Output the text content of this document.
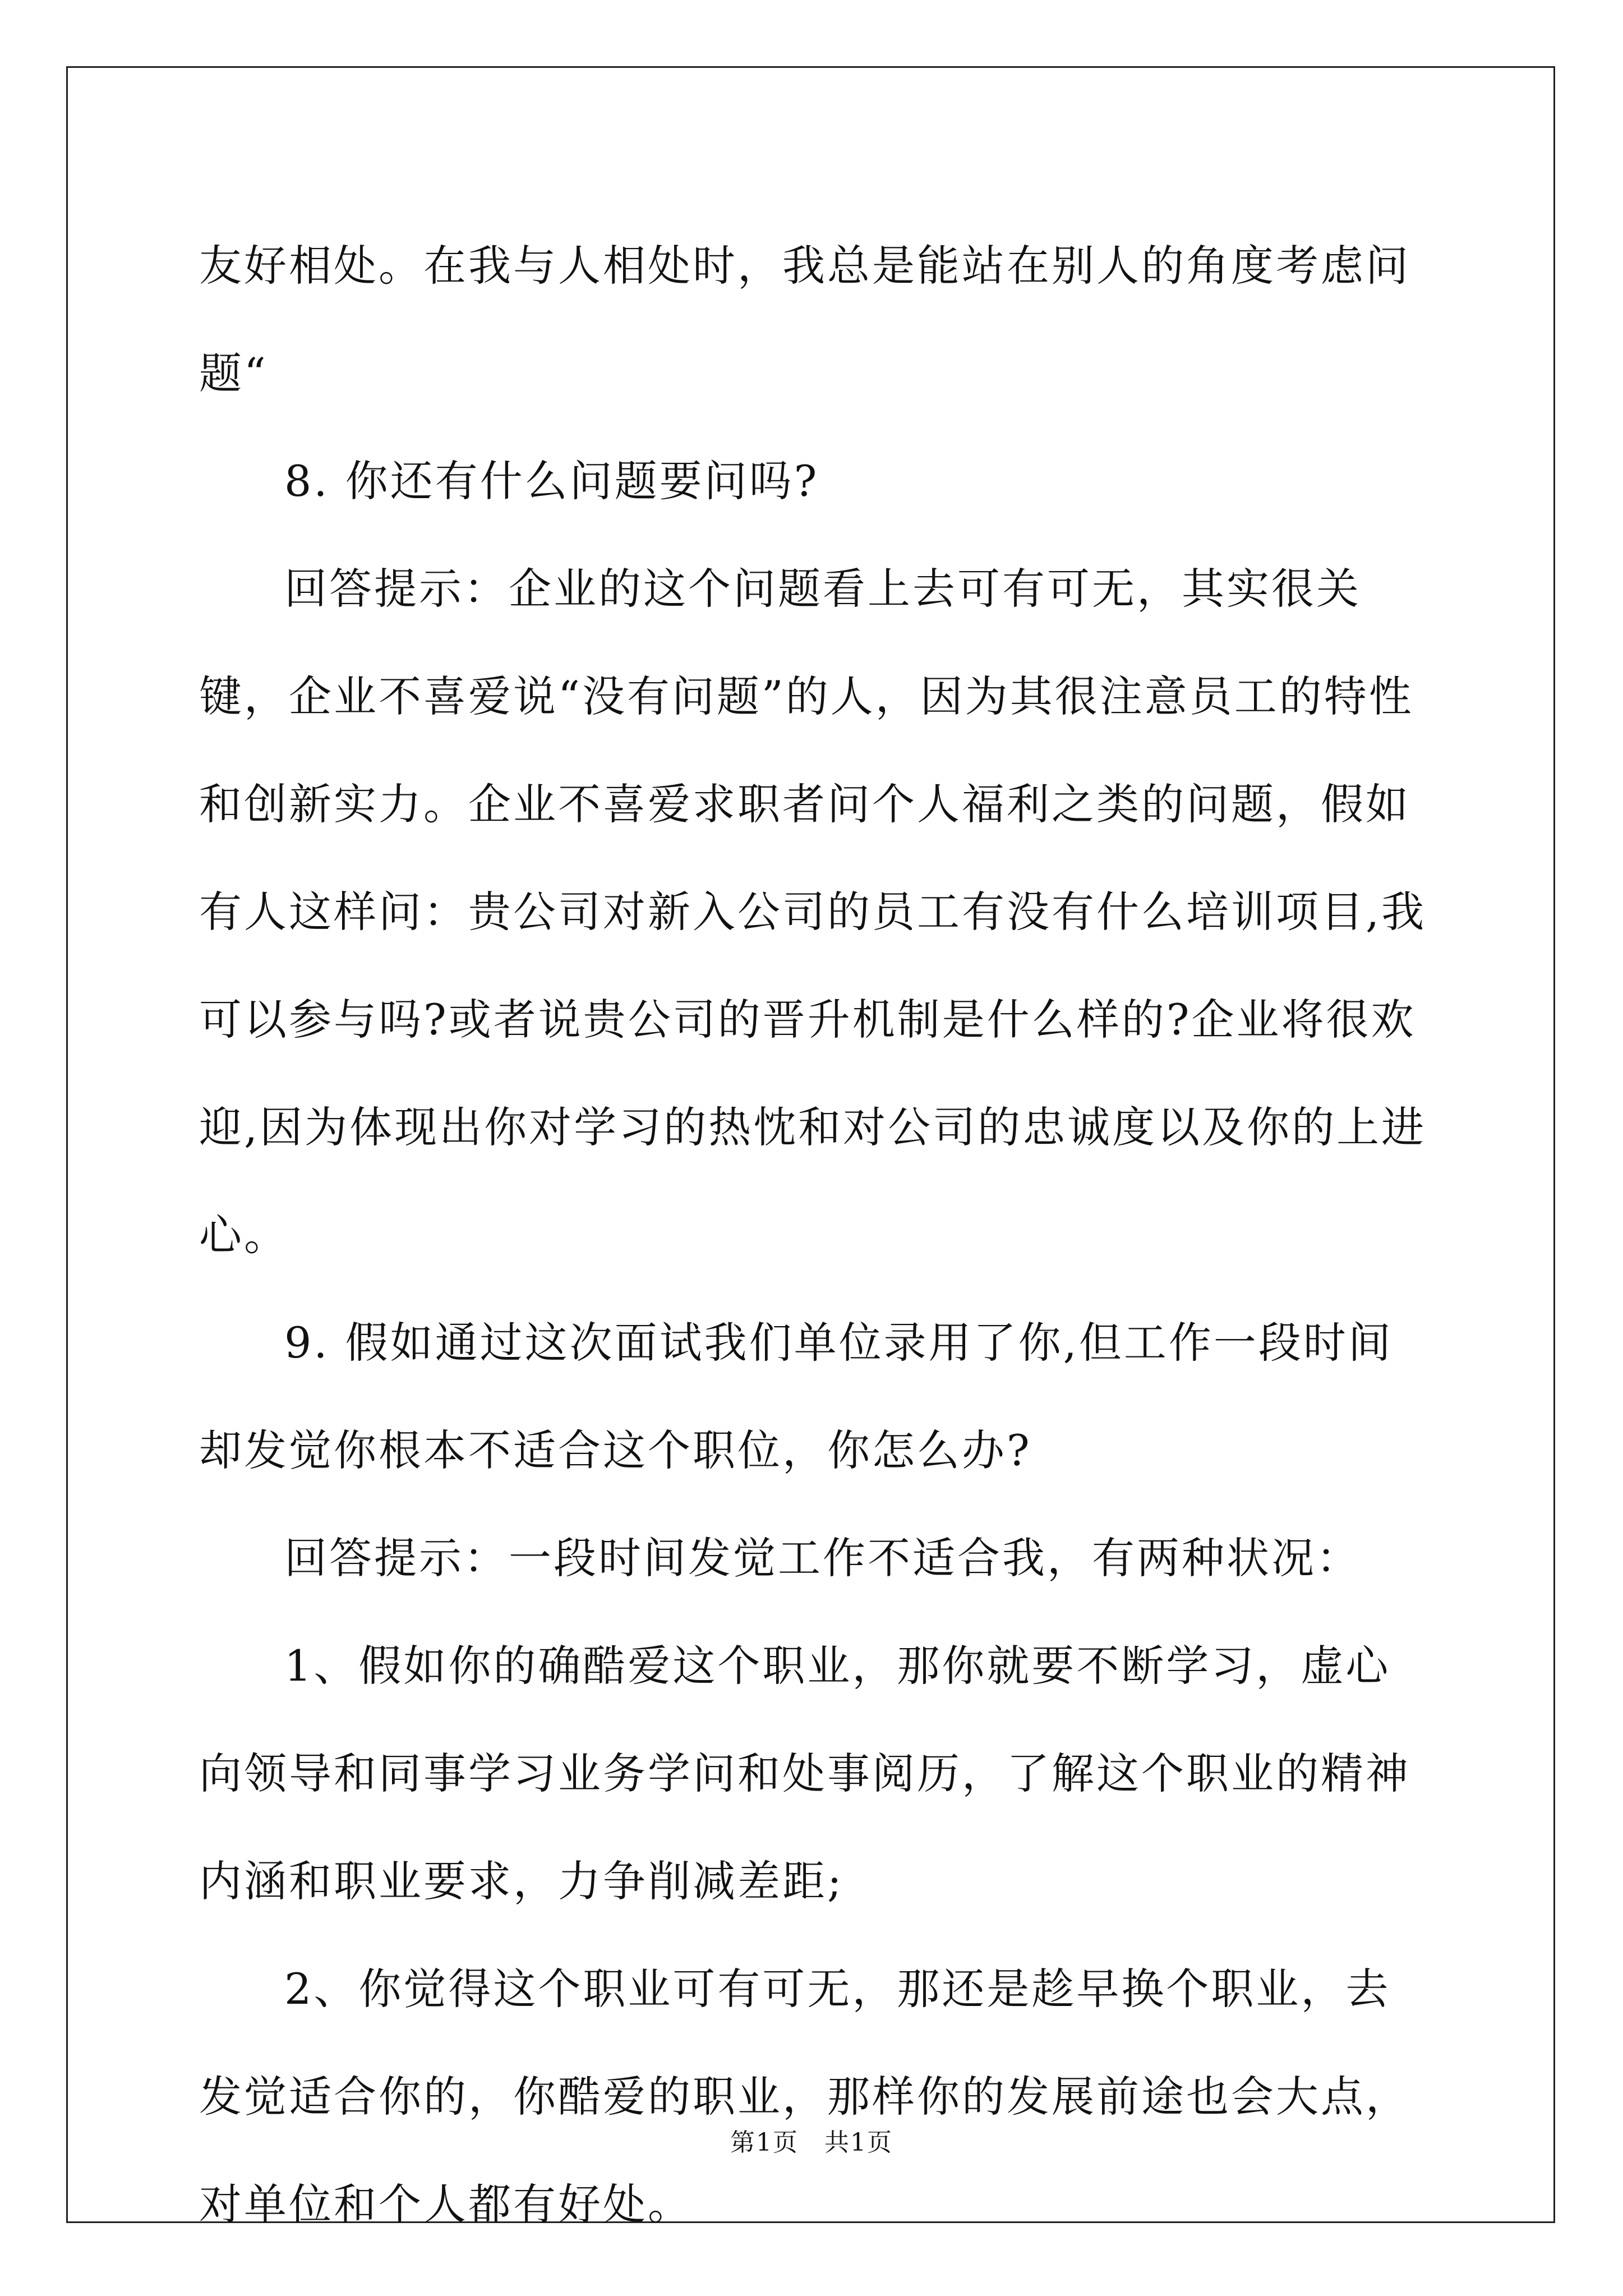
友好相处。在我与人相处时，我总是能站在别人的角度考虑问题“

8. 你还有什么问题要问吗?

回答提示：企业的这个问题看上去可有可无，其实很关键，企业不喜爱说“没有问题”的人，因为其很注意员工的特性和创新实力。企业不喜爱求职者问个人福利之类的问题，假如有人这样问：贵公司对新入公司的员工有没有什么培训项目,我可以参与吗?或者说贵公司的晋升机制是什么样的?企业将很欢迎,因为体现出你对学习的热忱和对公司的忠诚度以及你的上进心。

9. 假如通过这次面试我们单位录用了你,但工作一段时间却发觉你根本不适合这个职位，你怎么办?

回答提示：一段时间发觉工作不适合我，有两种状况：

1、假如你的确酷爱这个职业，那你就要不断学习，虚心向领导和同事学习业务学问和处事阅历，了解这个职业的精神内涵和职业要求，力争削减差距;

2、你觉得这个职业可有可无，那还是趁早换个职业，去发觉适合你的，你酷爱的职业，那样你的发展前途也会大点，对单位和个人都有好处。

第1页　共1页
